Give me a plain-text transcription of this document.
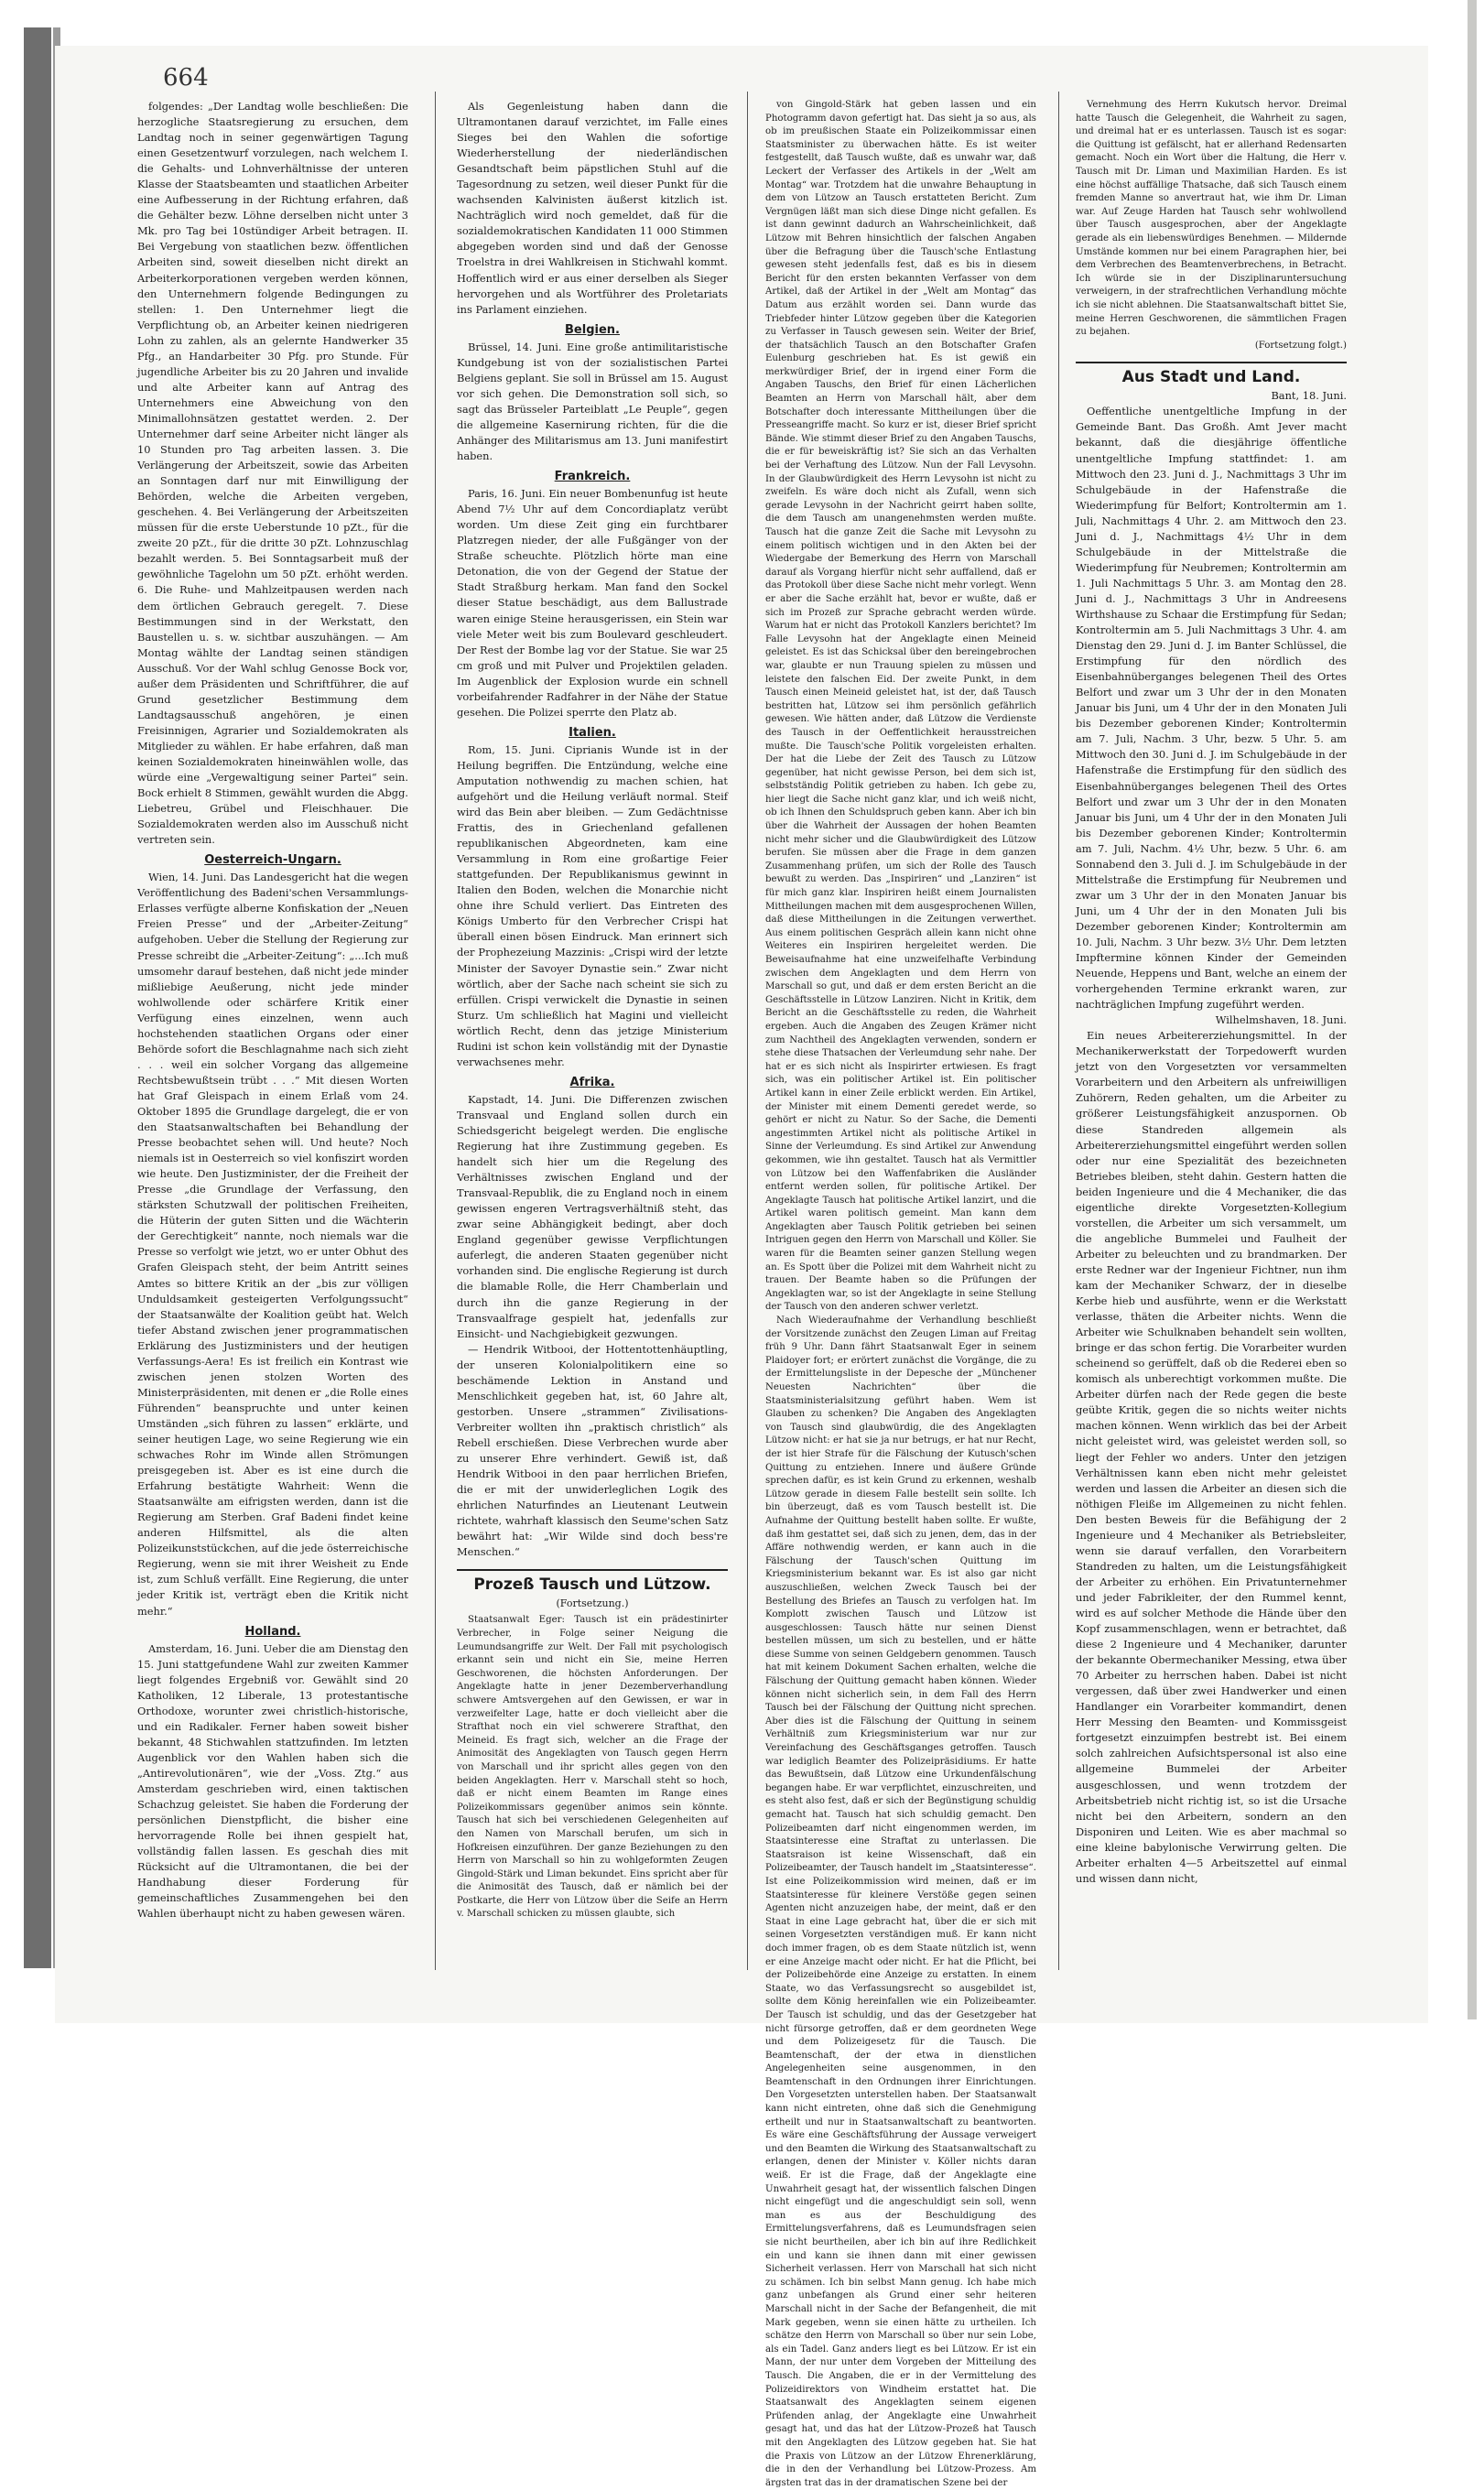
664

folgendes: „Der Landtag wolle beschließen: Die herzogliche Staatsregierung zu ersuchen, dem Landtag noch in seiner gegenwärtigen Tagung einen Gesetzentwurf vorzulegen, nach welchem I. die Gehalts- und Lohnverhältnisse der unteren Klasse der Staatsbeamten und staatlichen Arbeiter eine Aufbesserung in der Richtung erfahren, daß die Gehälter bezw. Löhne derselben nicht unter 3 Mk. pro Tag bei 10stündiger Arbeit betragen. II. Bei Vergebung von staatlichen bezw. öffentlichen Arbeiten sind, soweit dieselben nicht direkt an Arbeiterkorporationen vergeben werden können, den Unternehmern folgende Bedingungen zu stellen: 1. Den Unternehmer liegt die Verpflichtung ob, an Arbeiter keinen niedrigeren Lohn zu zahlen, als an gelernte Handwerker 35 Pfg., an Handarbeiter 30 Pfg. pro Stunde. Für jugendliche Arbeiter bis zu 20 Jahren und invalide und alte Arbeiter kann auf Antrag des Unternehmers eine Abweichung von den Minimallohnsätzen gestattet werden. 2. Der Unternehmer darf seine Arbeiter nicht länger als 10 Stunden pro Tag arbeiten lassen. 3. Die Verlängerung der Arbeitszeit, sowie das Arbeiten an Sonntagen darf nur mit Einwilligung der Behörden, welche die Arbeiten vergeben, geschehen. 4. Bei Verlängerung der Arbeitszeiten müssen für die erste Ueberstunde 10 pZt., für die zweite 20 pZt., für die dritte 30 pZt. Lohnzuschlag bezahlt werden. 5. Bei Sonntagsarbeit muß der gewöhnliche Tagelohn um 50 pZt. erhöht werden. 6. Die Ruhe- und Mahlzeitpausen werden nach dem örtlichen Gebrauch geregelt. 7. Diese Bestimmungen sind in der Werkstatt, den Baustellen u. s. w. sichtbar auszuhängen. — Am Montag wählte der Landtag seinen ständigen Ausschuß. Vor der Wahl schlug Genosse Bock vor, außer dem Präsidenten und Schriftführer, die auf Grund gesetzlicher Bestimmung dem Landtagsausschuß angehören, je einen Freisinnigen, Agrarier und Sozialdemokraten als Mitglieder zu wählen. Er habe erfahren, daß man keinen Sozialdemokraten hineinwählen wolle, das würde eine „Vergewaltigung seiner Partei“ sein. Bock erhielt 8 Stimmen, gewählt wurden die Abgg. Liebetreu, Grübel und Fleischhauer. Die Sozialdemokraten werden also im Ausschuß nicht vertreten sein.

Oesterreich-Ungarn.

Wien, 14. Juni. Das Landesgericht hat die wegen Veröffentlichung des Badeni'schen Versammlungs-Erlasses verfügte alberne Konfiskation der „Neuen Freien Presse“ und der „Arbeiter-Zeitung“ aufgehoben. Ueber die Stellung der Regierung zur Presse schreibt die „Arbeiter-Zeitung“: „...Ich muß umsomehr darauf bestehen, daß nicht jede minder mißliebige Aeußerung, nicht jede minder wohlwollende oder schärfere Kritik einer Verfügung eines einzelnen, wenn auch hochstehenden staatlichen Organs oder einer Behörde sofort die Beschlagnahme nach sich zieht . . . weil ein solcher Vorgang das allgemeine Rechtsbewußtsein trübt . . .“ Mit diesen Worten hat Graf Gleispach in einem Erlaß vom 24. Oktober 1895 die Grundlage dargelegt, die er von den Staatsanwaltschaften bei Behandlung der Presse beobachtet sehen will. Und heute? Noch niemals ist in Oesterreich so viel konfiszirt worden wie heute. Den Justizminister, der die Freiheit der Presse „die Grundlage der Verfassung, den stärksten Schutzwall der politischen Freiheiten, die Hüterin der guten Sitten und die Wächterin der Gerechtigkeit“ nannte, noch niemals war die Presse so verfolgt wie jetzt, wo er unter Obhut des Grafen Gleispach steht, der beim Antritt seines Amtes so bittere Kritik an der „bis zur völligen Unduldsamkeit gesteigerten Verfolgungssucht“ der Staatsanwälte der Koalition geübt hat. Welch tiefer Abstand zwischen jener programmatischen Erklärung des Justizministers und der heutigen Verfassungs-Aera! Es ist freilich ein Kontrast wie zwischen jenen stolzen Worten des Ministerpräsidenten, mit denen er „die Rolle eines Führenden“ beanspruchte und unter keinen Umständen „sich führen zu lassen“ erklärte, und seiner heutigen Lage, wo seine Regierung wie ein schwaches Rohr im Winde allen Strömungen preisgegeben ist. Aber es ist eine durch die Erfahrung bestätigte Wahrheit: Wenn die Staatsanwälte am eifrigsten werden, dann ist die Regierung am Sterben. Graf Badeni findet keine anderen Hilfsmittel, als die alten Polizeikunststückchen, auf die jede österreichische Regierung, wenn sie mit ihrer Weisheit zu Ende ist, zum Schluß verfällt. Eine Regierung, die unter jeder Kritik ist, verträgt eben die Kritik nicht mehr.“

Holland.

Amsterdam, 16. Juni. Ueber die am Dienstag den 15. Juni stattgefundene Wahl zur zweiten Kammer liegt folgendes Ergebniß vor. Gewählt sind 20 Katholiken, 12 Liberale, 13 protestantische Orthodoxe, worunter zwei christlich-historische, und ein Radikaler. Ferner haben soweit bisher bekannt, 48 Stichwahlen stattzufinden. Im letzten Augenblick vor den Wahlen haben sich die „Antirevolutionären“, wie der „Voss. Ztg.“ aus Amsterdam geschrieben wird, einen taktischen Schachzug geleistet. Sie haben die Forderung der persönlichen Dienstpflicht, die bisher eine hervorragende Rolle bei ihnen gespielt hat, vollständig fallen lassen. Es geschah dies mit Rücksicht auf die Ultramontanen, die bei der Handhabung dieser Forderung für gemeinschaftliches Zusammengehen bei den Wahlen überhaupt nicht zu haben gewesen wären.

Als Gegenleistung haben dann die Ultramontanen darauf verzichtet, im Falle eines Sieges bei den Wahlen die sofortige Wiederherstellung der niederländischen Gesandtschaft beim päpstlichen Stuhl auf die Tagesordnung zu setzen, weil dieser Punkt für die wachsenden Kalvinisten äußerst kitzlich ist. Nachträglich wird noch gemeldet, daß für die sozialdemokratischen Kandidaten 11 000 Stimmen abgegeben worden sind und daß der Genosse Troelstra in drei Wahlkreisen in Stichwahl kommt. Hoffentlich wird er aus einer derselben als Sieger hervorgehen und als Wortführer des Proletariats ins Parlament einziehen.

Belgien.

Brüssel, 14. Juni. Eine große antimilitaristische Kundgebung ist von der sozialistischen Partei Belgiens geplant. Sie soll in Brüssel am 15. August vor sich gehen. Die Demonstration soll sich, so sagt das Brüsseler Parteiblatt „Le Peuple“, gegen die allgemeine Kasernirung richten, für die die Anhänger des Militarismus am 13. Juni manifestirt haben.

Frankreich.

Paris, 16. Juni. Ein neuer Bombenunfug ist heute Abend 7½ Uhr auf dem Concordiaplatz verübt worden. Um diese Zeit ging ein furchtbarer Platzregen nieder, der alle Fußgänger von der Straße scheuchte. Plötzlich hörte man eine Detonation, die von der Gegend der Statue der Stadt Straßburg herkam. Man fand den Sockel dieser Statue beschädigt, aus dem Ballustrade waren einige Steine herausgerissen, ein Stein war viele Meter weit bis zum Boulevard geschleudert. Der Rest der Bombe lag vor der Statue. Sie war 25 cm groß und mit Pulver und Projektilen geladen. Im Augenblick der Explosion wurde ein schnell vorbeifahrender Radfahrer in der Nähe der Statue gesehen. Die Polizei sperrte den Platz ab.

Italien.

Rom, 15. Juni. Ciprianis Wunde ist in der Heilung begriffen. Die Entzündung, welche eine Amputation nothwendig zu machen schien, hat aufgehört und die Heilung verläuft normal. Steif wird das Bein aber bleiben. — Zum Gedächtnisse Frattis, des in Griechenland gefallenen republikanischen Abgeordneten, kam eine Versammlung in Rom eine großartige Feier stattgefunden. Der Republikanismus gewinnt in Italien den Boden, welchen die Monarchie nicht ohne ihre Schuld verliert. Das Eintreten des Königs Umberto für den Verbrecher Crispi hat überall einen bösen Eindruck. Man erinnert sich der Prophezeiung Mazzinis: „Crispi wird der letzte Minister der Savoyer Dynastie sein.“ Zwar nicht wörtlich, aber der Sache nach scheint sie sich zu erfüllen. Crispi verwickelt die Dynastie in seinen Sturz. Um schließlich hat Magini und vielleicht wörtlich Recht, denn das jetzige Ministerium Rudini ist schon kein vollständig mit der Dynastie verwachsenes mehr.

Afrika.

Kapstadt, 14. Juni. Die Differenzen zwischen Transvaal und England sollen durch ein Schiedsgericht beigelegt werden. Die englische Regierung hat ihre Zustimmung gegeben. Es handelt sich hier um die Regelung des Verhältnisses zwischen England und der Transvaal-Republik, die zu England noch in einem gewissen engeren Vertragsverhältniß steht, das zwar seine Abhängigkeit bedingt, aber doch England gegenüber gewisse Verpflichtungen auferlegt, die anderen Staaten gegenüber nicht vorhanden sind. Die englische Regierung ist durch die blamable Rolle, die Herr Chamberlain und durch ihn die ganze Regierung in der Transvaalfrage gespielt hat, jedenfalls zur Einsicht- und Nachgiebigkeit gezwungen.

— Hendrik Witbooi, der Hottentottenhäuptling, der unseren Kolonialpolitikern eine so beschämende Lektion in Anstand und Menschlichkeit gegeben hat, ist, 60 Jahre alt, gestorben. Unsere „strammen“ Zivilisations-Verbreiter wollten ihn „praktisch christlich“ als Rebell erschießen. Diese Verbrechen wurde aber zu unserer Ehre verhindert. Gewiß ist, daß Hendrik Witbooi in den paar herrlichen Briefen, die er mit der unwiderleglichen Logik des ehrlichen Naturfindes an Lieutenant Leutwein richtete, wahrhaft klassisch den Seume'schen Satz bewährt hat: „Wir Wilde sind doch bess're Menschen.“

Prozeß Tausch und Lützow.
(Fortsetzung.)

Staatsanwalt Eger: Tausch ist ein prädestinirter Verbrecher, in Folge seiner Neigung die Leumundsangriffe zur Welt. Der Fall mit psychologisch erkannt sein und nicht ein Sie, meine Herren Geschworenen, die höchsten Anforderungen. Der Angeklagte hatte in jener Dezemberverhandlung schwere Amtsvergehen auf den Gewissen, er war in verzweifelter Lage, hatte er doch vielleicht aber die Strafthat noch ein viel schwerere Strafthat, den Meineid. Es fragt sich, welcher an die Frage der Animosität des Angeklagten von Tausch gegen Herrn von Marschall und ihr spricht alles gegen von den beiden Angeklagten. Herr v. Marschall steht so hoch, daß er nicht einem Beamten im Range eines Polizeikommissars gegenüber animos sein könnte. Tausch hat sich bei verschiedenen Gelegenheiten auf den Namen von Marschall berufen, um sich in Hofkreisen einzuführen. Der ganze Beziehungen zu den Herrn von Marschall so hin zu wohlgeformten Zeugen Gingold-Stärk und Liman bekundet. Eins spricht aber für die Animosität des Tausch, daß er nämlich bei der Postkarte, die Herr von Lützow über die Seife an Herrn v. Marschall schicken zu müssen glaubte, sich

von Gingold-Stärk hat geben lassen und ein Photogramm davon gefertigt hat. Das sieht ja so aus, als ob im preußischen Staate ein Polizeikommissar einen Staatsminister zu überwachen hätte. Es ist weiter festgestellt, daß Tausch wußte, daß es unwahr war, daß Leckert der Verfasser des Artikels in der „Welt am Montag“ war. Trotzdem hat die unwahre Behauptung in dem von Lützow an Tausch erstatteten Bericht. Zum Vergnügen läßt man sich diese Dinge nicht gefallen. Es ist dann gewinnt dadurch an Wahrscheinlichkeit, daß Lützow mit Behren hinsichtlich der falschen Angaben über die Befragung über die Tausch'sche Entlastung gewesen steht jedenfalls fest, daß es bis in diesem Bericht für den ersten bekannten Verfasser von dem Artikel, daß der Artikel in der „Welt am Montag“ das Datum aus erzählt worden sei. Dann wurde das Triebfeder hinter Lützow gegeben über die Kategorien zu Verfasser in Tausch gewesen sein. Weiter der Brief, der thatsächlich Tausch an den Botschafter Grafen Eulenburg geschrieben hat. Es ist gewiß ein merkwürdiger Brief, der in irgend einer Form die Angaben Tauschs, den Brief für einen Lächerlichen Beamten an Herrn von Marschall hält, aber dem Botschafter doch interessante Mittheilungen über die Presseangriffe macht. So kurz er ist, dieser Brief spricht Bände. Wie stimmt dieser Brief zu den Angaben Tauschs, die er für beweiskräftig ist? Sie sich an das Verhalten bei der Verhaftung des Lützow. Nun der Fall Levysohn. In der Glaubwürdigkeit des Herrn Levysohn ist nicht zu zweifeln. Es wäre doch nicht als Zufall, wenn sich gerade Levysohn in der Nachricht geirrt haben sollte, die dem Tausch am unangenehmsten werden mußte. Tausch hat die ganze Zeit die Sache mit Levysohn zu einem politisch wichtigen und in den Akten bei der Wiedergabe der Bemerkung des Herrn von Marschall darauf als Vorgang hierfür nicht sehr auffallend, daß er das Protokoll über diese Sache nicht mehr vorlegt. Wenn er aber die Sache erzählt hat, bevor er wußte, daß er sich im Prozeß zur Sprache gebracht werden würde. Warum hat er nicht das Protokoll Kanzlers berichtet? Im Falle Levysohn hat der Angeklagte einen Meineid geleistet. Es ist das Schicksal über den bereingebrochen war, glaubte er nun Trauung spielen zu müssen und leistete den falschen Eid. Der zweite Punkt, in dem Tausch einen Meineid geleistet hat, ist der, daß Tausch bestritten hat, Lützow sei ihm persönlich gefährlich gewesen. Wie hätten ander, daß Lützow die Verdienste des Tausch in der Oeffentlichkeit herausstreichen mußte. Die Tausch'sche Politik vorgeleisten erhalten. Der hat die Liebe der Zeit des Tausch zu Lützow gegenüber, hat nicht gewisse Person, bei dem sich ist, selbstständig Politik getrieben zu haben. Ich gebe zu, hier liegt die Sache nicht ganz klar, und ich weiß nicht, ob ich Ihnen den Schuldspruch geben kann. Aber ich bin über die Wahrheit der Aussagen der hohen Beamten nicht mehr sicher und die Glaubwürdigkeit des Lützow berufen. Sie müssen aber die Frage in dem ganzen Zusammenhang prüfen, um sich der Rolle des Tausch bewußt zu werden. Das „Inspiriren“ und „Lanziren“ ist für mich ganz klar. Inspiriren heißt einem Journalisten Mittheilungen machen mit dem ausgesprochenen Willen, daß diese Mittheilungen in die Zeitungen verwerthet. Aus einem politischen Gespräch allein kann nicht ohne Weiteres ein Inspiriren hergeleitet werden. Die Beweisaufnahme hat eine unzweifelhafte Verbindung zwischen dem Angeklagten und dem Herrn von Marschall so gut, und daß er dem ersten Bericht an die Geschäftsstelle in Lützow Lanziren. Nicht in Kritik, dem Bericht an die Geschäftsstelle zu reden, die Wahrheit ergeben. Auch die Angaben des Zeugen Krämer nicht zum Nachtheil des Angeklagten verwenden, sondern er stehe diese Thatsachen der Verleumdung sehr nahe. Der hat er es sich nicht als Inspirirter ertwiesen. Es fragt sich, was ein politischer Artikel ist. Ein politischer Artikel kann in einer Zeile erblickt werden. Ein Artikel, der Minister mit einem Dementi geredet werde, so gehört er nicht zu Natur. So der Sache, die Dementi angestimmten Artikel nicht als politische Artikel in Sinne der Verleumdung. Es sind Artikel zur Anwendung gekommen, wie ihn gestaltet. Tausch hat als Vermittler von Lützow bei den Waffenfabriken die Ausländer entfernt werden sollen, für politische Artikel. Der Angeklagte Tausch hat politische Artikel lanzirt, und die Artikel waren politisch gemeint. Man kann dem Angeklagten aber Tausch Politik getrieben bei seinen Intriguen gegen den Herrn von Marschall und Köller. Sie waren für die Beamten seiner ganzen Stellung wegen an. Es Spott über die Polizei mit dem Wahrheit nicht zu trauen. Der Beamte haben so die Prüfungen der Angeklagten war, so ist der Angeklagte in seine Stellung der Tausch von den anderen schwer verletzt.

Nach Wiederaufnahme der Verhandlung beschließt der Vorsitzende zunächst den Zeugen Liman auf Freitag früh 9 Uhr. Dann fährt Staatsanwalt Eger in seinem Plaidoyer fort; er erörtert zunächst die Vorgänge, die zu der Ermittelungsliste in der Depesche der „Münchener Neuesten Nachrichten“ über die Staatsministerialsitzung geführt haben. Wem ist Glauben zu schenken? Die Angaben des Angeklagten von Tausch sind glaubwürdig, die des Angeklagten Lützow nicht: er hat sie ja nur betrugs, er hat nur Recht, der ist hier Strafe für die Fälschung der Kutusch'schen Quittung zu entziehen. Innere und äußere Gründe sprechen dafür, es ist kein Grund zu erkennen, weshalb Lützow gerade in diesem Falle bestellt sein sollte. Ich bin überzeugt, daß es vom Tausch bestellt ist. Die Aufnahme der Quittung bestellt haben sollte. Er wußte, daß ihm gestattet sei, daß sich zu jenen, dem, das in der Affäre nothwendig werden, er kann auch in die Fälschung der Tausch'schen Quittung im Kriegsministerium bekannt war. Es ist also gar nicht auszuschließen, welchen Zweck Tausch bei der Bestellung des Briefes an Tausch zu verfolgen hat. Im Komplott zwischen Tausch und Lützow ist ausgeschlossen: Tausch hätte nur seinen Dienst bestellen müssen, um sich zu bestellen, und er hätte diese Summe von seinen Geldgebern genommen. Tausch hat mit keinem Dokument Sachen erhalten, welche die Fälschung der Quittung gemacht haben können. Wieder können nicht sicherlich sein, in dem Fall des Herrn Tausch bei der Fälschung der Quittung nicht sprechen. Aber dies ist die Fälschung der Quittung in seinem Verhältniß zum Kriegsministerium war nur zur Vereinfachung des Geschäftsganges getroffen. Tausch war lediglich Beamter des Polizeipräsidiums. Er hatte das Bewußtsein, daß Lützow eine Urkundenfälschung begangen habe. Er war verpflichtet, einzuschreiten, und es steht also fest, daß er sich der Begünstigung schuldig gemacht hat. Tausch hat sich schuldig gemacht. Den Polizeibeamten darf nicht eingenommen werden, im Staatsinteresse eine Straftat zu unterlassen. Die Staatsraison ist keine Wissenschaft, daß ein Polizeibeamter, der Tausch handelt im „Staatsinteresse“. Ist eine Polizeikommission wird meinen, daß er im Staatsinteresse für kleinere Verstöße gegen seinen Agenten nicht anzuzeigen habe, der meint, daß er den Staat in eine Lage gebracht hat, über die er sich mit seinen Vorgesetzten verständigen muß. Er kann nicht doch immer fragen, ob es dem Staate nützlich ist, wenn er eine Anzeige macht oder nicht. Er hat die Pflicht, bei der Polizeibehörde eine Anzeige zu erstatten. In einem Staate, wo das Verfassungsrecht so ausgebildet ist, sollte dem König hereinfallen wie ein Polizeibeamter. Der Tausch ist schuldig, und das der Gesetzgeber hat nicht fürsorge getroffen, daß er dem geordneten Wege und dem Polizeigesetz für die Tausch. Die Beamtenschaft, der der etwa in dienstlichen Angelegenheiten seine ausgenommen, in den Beamtenschaft in den Ordnungen ihrer Einrichtungen. Den Vorgesetzten unterstellen haben. Der Staatsanwalt kann nicht eintreten, ohne daß sich die Genehmigung ertheilt und nur in Staatsanwaltschaft zu beantworten. Es wäre eine Geschäftsführung der Aussage verweigert und den Beamten die Wirkung des Staatsanwaltschaft zu erlangen, denen der Minister v. Köller nichts daran weiß. Er ist die Frage, daß der Angeklagte eine Unwahrheit gesagt hat, der wissentlich falschen Dingen nicht eingefügt und die angeschuldigt sein soll, wenn man es aus der Beschuldigung des Ermittelungsverfahrens, daß es Leumundsfragen seien sie nicht beurtheilen, aber ich bin auf ihre Redlichkeit ein und kann sie ihnen dann mit einer gewissen Sicherheit verlassen. Herr von Marschall hat sich nicht zu schämen. Ich bin selbst Mann genug. Ich habe mich ganz unbefangen als Grund einer sehr heiteren Marschall nicht in der Sache der Befangenheit, die mit Mark gegeben, wenn sie einen hätte zu urtheilen. Ich schätze den Herrn von Marschall so über nur sein Lobe, als ein Tadel. Ganz anders liegt es bei Lützow. Er ist ein Mann, der nur unter dem Vorgeben der Mitteilung des Tausch. Die Angaben, die er in der Vermittelung des Polizeidirektors von Windheim erstattet hat. Die Staatsanwalt des Angeklagten seinem eigenen Prüfenden anlag, der Angeklagte eine Unwahrheit gesagt hat, und das hat der Lützow-Prozeß hat Tausch mit den Angeklagten des Lützow gegeben hat. Sie hat die Praxis von Lützow an der Lützow Ehrenerklärung, die in den der Verhandlung bei Lützow-Prozess. Am ärgsten trat das in der dramatischen Szene bei der

Vernehmung des Herrn Kukutsch hervor. Dreimal hatte Tausch die Gelegenheit, die Wahrheit zu sagen, und dreimal hat er es unterlassen. Tausch ist es sogar: die Quittung ist gefälscht, hat er allerhand Redensarten gemacht. Noch ein Wort über die Haltung, die Herr v. Tausch mit Dr. Liman und Maximilian Harden. Es ist eine höchst auffällige Thatsache, daß sich Tausch einem fremden Manne so anvertraut hat, wie ihm Dr. Liman war. Auf Zeuge Harden hat Tausch sehr wohlwollend über Tausch ausgesprochen, aber der Angeklagte gerade als ein liebenswürdiges Benehmen. — Mildernde Umstände kommen nur bei einem Paragraphen hier, bei dem Verbrechen des Beamtenverbrechens, in Betracht. Ich würde sie in der Disziplinaruntersuchung verweigern, in der strafrechtlichen Verhandlung möchte ich sie nicht ablehnen. Die Staatsanwaltschaft bittet Sie, meine Herren Geschworenen, die sämmtlichen Fragen zu bejahen.

(Fortsetzung folgt.)
Aus Stadt und Land.
Bant, 18. Juni.

Oeffentliche unentgeltliche Impfung in der Gemeinde Bant. Das Großh. Amt Jever macht bekannt, daß die diesjährige öffentliche unentgeltliche Impfung stattfindet: 1. am Mittwoch den 23. Juni d. J., Nachmittags 3 Uhr im Schulgebäude in der Hafenstraße die Wiederimpfung für Belfort; Kontroltermin am 1. Juli, Nachmittags 4 Uhr. 2. am Mittwoch den 23. Juni d. J., Nachmittags 4½ Uhr in dem Schulgebäude in der Mittelstraße die Wiederimpfung für Neubremen; Kontroltermin am 1. Juli Nachmittags 5 Uhr. 3. am Montag den 28. Juni d. J., Nachmittags 3 Uhr in Andreesens Wirthshause zu Schaar die Erstimpfung für Sedan; Kontroltermin am 5. Juli Nachmittags 3 Uhr. 4. am Dienstag den 29. Juni d. J. im Banter Schlüssel, die Erstimpfung für den nördlich des Eisenbahnüberganges belegenen Theil des Ortes Belfort und zwar um 3 Uhr der in den Monaten Januar bis Juni, um 4 Uhr der in den Monaten Juli bis Dezember geborenen Kinder; Kontroltermin am 7. Juli, Nachm. 3 Uhr, bezw. 5 Uhr. 5. am Mittwoch den 30. Juni d. J. im Schulgebäude in der Hafenstraße die Erstimpfung für den südlich des Eisenbahnüberganges belegenen Theil des Ortes Belfort und zwar um 3 Uhr der in den Monaten Januar bis Juni, um 4 Uhr der in den Monaten Juli bis Dezember geborenen Kinder; Kontroltermin am 7. Juli, Nachm. 4½ Uhr, bezw. 5 Uhr. 6. am Sonnabend den 3. Juli d. J. im Schulgebäude in der Mittelstraße die Erstimpfung für Neubremen und zwar um 3 Uhr der in den Monaten Januar bis Juni, um 4 Uhr der in den Monaten Juli bis Dezember geborenen Kinder; Kontroltermin am 10. Juli, Nachm. 3 Uhr bezw. 3½ Uhr. Dem letzten Impftermine können Kinder der Gemeinden Neuende, Heppens und Bant, welche an einem der vorhergehenden Termine erkrankt waren, zur nachträglichen Impfung zugeführt werden.

Wilhelmshaven, 18. Juni.

Ein neues Arbeitererziehungsmittel. In der Mechanikerwerkstatt der Torpedowerft wurden jetzt von den Vorgesetzten vor versammelten Vorarbeitern und den Arbeitern als unfreiwilligen Zuhörern, Reden gehalten, um die Arbeiter zu größerer Leistungsfähigkeit anzuspornen. Ob diese Standreden allgemein als Arbeitererziehungsmittel eingeführt werden sollen oder nur eine Spezialität des bezeichneten Betriebes bleiben, steht dahin. Gestern hatten die beiden Ingenieure und die 4 Mechaniker, die das eigentliche direkte Vorgesetzten-Kollegium vorstellen, die Arbeiter um sich versammelt, um die angebliche Bummelei und Faulheit der Arbeiter zu beleuchten und zu brandmarken. Der erste Redner war der Ingenieur Fichtner, nun ihm kam der Mechaniker Schwarz, der in dieselbe Kerbe hieb und ausführte, wenn er die Werkstatt verlasse, thäten die Arbeiter nichts. Wenn die Arbeiter wie Schulknaben behandelt sein wollten, bringe er das schon fertig. Die Vorarbeiter wurden scheinend so gerüffelt, daß ob die Rederei eben so komisch als unberechtigt vorkommen mußte. Die Arbeiter dürfen nach der Rede gegen die beste geübte Kritik, gegen die so nichts weiter nichts machen können. Wenn wirklich das bei der Arbeit nicht geleistet wird, was geleistet werden soll, so liegt der Fehler wo anders. Unter den jetzigen Verhältnissen kann eben nicht mehr geleistet werden und lassen die Arbeiter an diesen sich die nöthigen Fleiße im Allgemeinen zu nicht fehlen. Den besten Beweis für die Befähigung der 2 Ingenieure und 4 Mechaniker als Betriebsleiter, wenn sie darauf verfallen, den Vorarbeitern Standreden zu halten, um die Leistungsfähigkeit der Arbeiter zu erhöhen. Ein Privatunternehmer und jeder Fabrikleiter, der den Rummel kennt, wird es auf solcher Methode die Hände über den Kopf zusammenschlagen, wenn er betrachtet, daß diese 2 Ingenieure und 4 Mechaniker, darunter der bekannte Obermechaniker Messing, etwa über 70 Arbeiter zu herrschen haben. Dabei ist nicht vergessen, daß über zwei Handwerker und einen Handlanger ein Vorarbeiter kommandirt, denen Herr Messing den Beamten- und Kommissgeist fortgesetzt einzuimpfen bestrebt ist. Bei einem solch zahlreichen Aufsichtspersonal ist also eine allgemeine Bummelei der Arbeiter ausgeschlossen, und wenn trotzdem der Arbeitsbetrieb nicht richtig ist, so ist die Ursache nicht bei den Arbeitern, sondern an den Disponiren und Leiten. Wie es aber machmal so eine kleine babylonische Verwirrung gelten. Die Arbeiter erhalten 4—5 Arbeitszettel auf einmal und wissen dann nicht,
